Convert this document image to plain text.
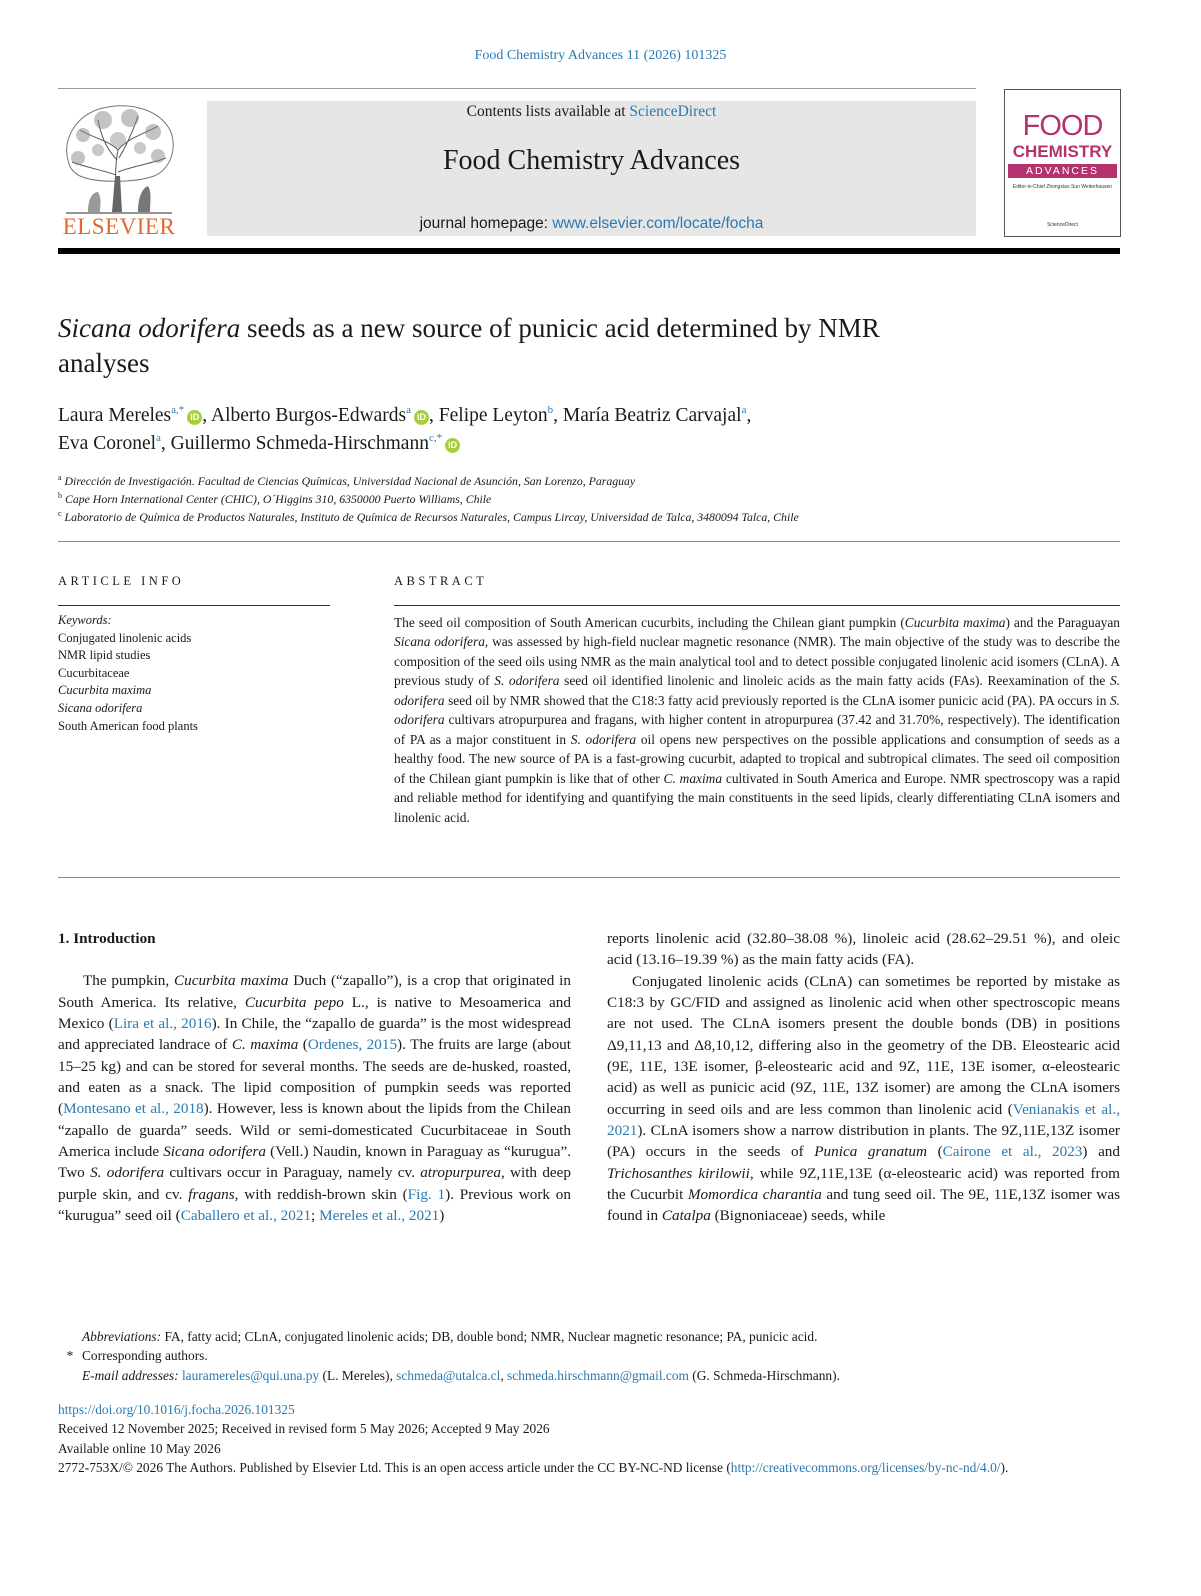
Food Chemistry Advances 11 (2026) 101325
ELSEVIER
Contents lists available at ScienceDirect
Food Chemistry Advances
journal homepage: www.elsevier.com/locate/focha
FOOD
CHEMISTRY
ADVANCES
Editor-in-Chief Zhongxiao Sun Weiterhausen
ScienceDirect
Sicana odorifera seeds as a new source of punicic acid determined by NMR analyses
Laura Mereles$^{a,*}$iD , Alberto Burgos-Edwards$^a$iD , Felipe Leyton$^b$, María Beatriz Carvajal$^a$,
Eva Coronel$^a$, Guillermo Schmeda-Hirschmann$^{c,*}$iD
$^a$ Dirección de Investigación. Facultad de Ciencias Químicas, Universidad Nacional de Asunción, San Lorenzo, Paraguay
$^b$ Cape Horn International Center (CHIC), O´Higgins 310, 6350000 Puerto Williams, Chile
$^c$ Laboratorio de Química de Productos Naturales, Instituto de Química de Recursos Naturales, Campus Lircay, Universidad de Talca, 3480094 Talca, Chile
ARTICLE INFO
Keywords:
Conjugated linolenic acids
NMR lipid studies
Cucurbitaceae
Cucurbita maxima
Sicana odorifera
South American food plants
ABSTRACT
The seed oil composition of South American cucurbits, including the Chilean giant pumpkin (Cucurbita maxima) and the Paraguayan Sicana odorifera, was assessed by high-field nuclear magnetic resonance (NMR). The main objective of the study was to describe the composition of the seed oils using NMR as the main analytical tool and to detect possible conjugated linolenic acid isomers (CLnA). A previous study of S. odorifera seed oil identified linolenic and linoleic acids as the main fatty acids (FAs). Reexamination of the S. odorifera seed oil by NMR showed that the C18:3 fatty acid previously reported is the CLnA isomer punicic acid (PA). PA occurs in S. odorifera cultivars atropurpurea and fragans, with higher content in atropurpurea (37.42 and 31.70%, respectively). The identification of PA as a major constituent in S. odorifera oil opens new perspectives on the possible applications and consumption of seeds as a healthy food. The new source of PA is a fast-growing cucurbit, adapted to tropical and subtropical climates. The seed oil composition of the Chilean giant pumpkin is like that of other C. maxima cultivated in South America and Europe. NMR spectroscopy was a rapid and reliable method for identifying and quantifying the main constituents in the seed lipids, clearly differentiating CLnA isomers and linolenic acid.

1. Introduction

The pumpkin, Cucurbita maxima Duch (“zapallo”), is a crop that originated in South America. Its relative, Cucurbita pepo L., is native to Mesoamerica and Mexico (Lira et al., 2016). In Chile, the “zapallo de guarda” is the most widespread and appreciated landrace of C. maxima (Ordenes, 2015). The fruits are large (about 15–25 kg) and can be stored for several months. The seeds are de-husked, roasted, and eaten as a snack. The lipid composition of pumpkin seeds was reported (Montesano et al., 2018). However, less is known about the lipids from the Chilean “zapallo de guarda” seeds. Wild or semi-domesticated Cucurbitaceae in South America include Sicana odorifera (Vell.) Naudin, known in Paraguay as “kurugua”. Two S. odorifera cultivars occur in Paraguay, namely cv. atropurpurea, with deep purple skin, and cv. fragans, with reddish-brown skin (Fig. 1). Previous work on “kurugua” seed oil (Caballero et al., 2021; Mereles et al., 2021)

reports linolenic acid (32.80–38.08 %), linoleic acid (28.62–29.51 %), and oleic acid (13.16–19.39 %) as the main fatty acids (FA).

Conjugated linolenic acids (CLnA) can sometimes be reported by mistake as C18:3 by GC/FID and assigned as linolenic acid when other spectroscopic means are not used. The CLnA isomers present the double bonds (DB) in positions Δ9,11,13 and Δ8,10,12, differing also in the geometry of the DB. Eleostearic acid (9E, 11E, 13E isomer, β-eleostearic acid and 9Z, 11E, 13E isomer, α-eleostearic acid) as well as punicic acid (9Z, 11E, 13Z isomer) are among the CLnA isomers occurring in seed oils and are less common than linolenic acid (Venianakis et al., 2021). CLnA isomers show a narrow distribution in plants. The 9Z,11E,13Z isomer (PA) occurs in the seeds of Punica granatum (Cairone et al., 2023) and Trichosanthes kirilowii, while 9Z,11E,13E (α-eleostearic acid) was reported from the Cucurbit Momordica charantia and tung seed oil. The 9E, 11E,13Z isomer was found in Catalpa (Bignoniaceae) seeds, while

Abbreviations: FA, fatty acid; CLnA, conjugated linolenic acids; DB, double bond; NMR, Nuclear magnetic resonance; PA, punicic acid.
* Corresponding authors.
E-mail addresses: lauramereles@qui.una.py (L. Mereles), schmeda@utalca.cl, schmeda.hirschmann@gmail.com (G. Schmeda-Hirschmann).
https://doi.org/10.1016/j.focha.2026.101325
Received 12 November 2025; Received in revised form 5 May 2026; Accepted 9 May 2026
Available online 10 May 2026
2772-753X/© 2026 The Authors. Published by Elsevier Ltd. This is an open access article under the CC BY-NC-ND license (http://creativecommons.org/licenses/by-nc-nd/4.0/).
